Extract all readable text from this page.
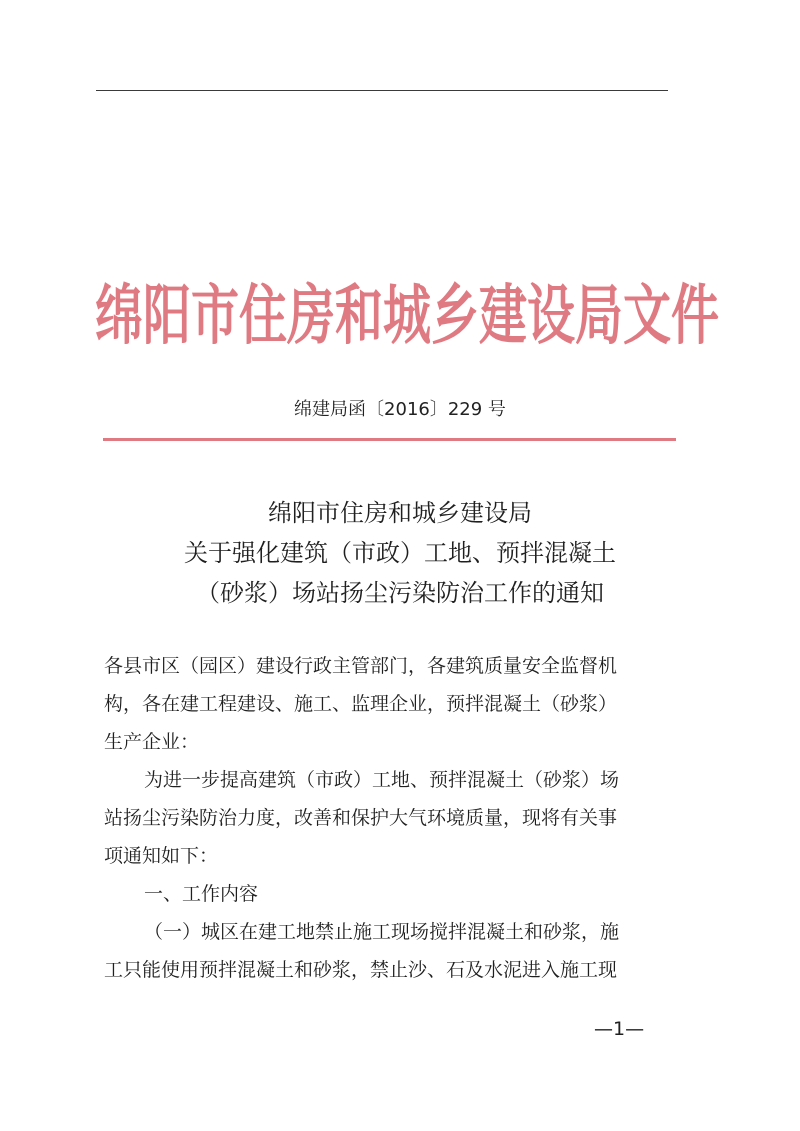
绵阳市住房和城乡建设局文件
绵建局函〔2016〕229 号
绵阳市住房和城乡建设局
关于强化建筑（市政）工地、预拌混凝土
（砂浆）场站扬尘污染防治工作的通知
各县市区（园区）建设行政主管部门，各建筑质量安全监督机
构，各在建工程建设、施工、监理企业，预拌混凝土（砂浆）
生产企业：
为进一步提高建筑（市政）工地、预拌混凝土（砂浆）场
站扬尘污染防治力度，改善和保护大气环境质量，现将有关事
项通知如下：
一、工作内容
（一）城区在建工地禁止施工现场搅拌混凝土和砂浆，施
工只能使用预拌混凝土和砂浆，禁止沙、石及水泥进入施工现
—1—
